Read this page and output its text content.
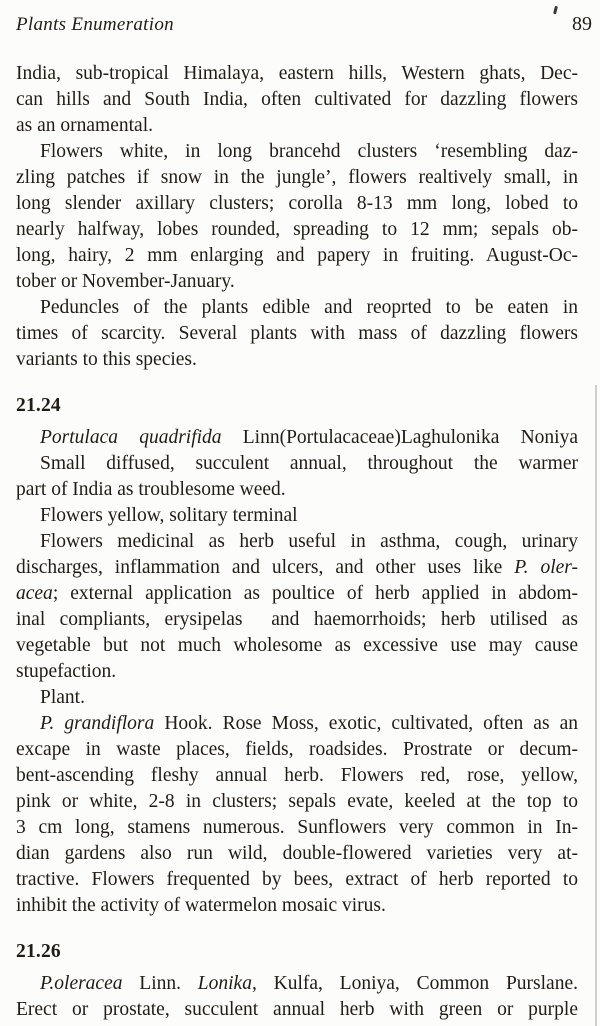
Plants Enumeration	89
India, sub-tropical Himalaya, eastern hills, Western ghats, Dec-
can hills and South India, often cultivated for dazzling flowers
as an ornamental.
Flowers white, in long brancehd clusters ‘resembling daz-
zling patches if snow in the jungle’, flowers realtively small, in
long slender axillary clusters; corolla 8-13 mm long, lobed to
nearly halfway, lobes rounded, spreading to 12 mm; sepals ob-
long, hairy, 2 mm enlarging and papery in fruiting. August-Oc-
tober or November-January.
Peduncles of the plants edible and reoprted to be eaten in
times of scarcity. Several plants with mass of dazzling flowers
variants to this species.
21.24
Portulaca quadrifida Linn(Portulacaceae)Laghulonika Noniya
Small diffused, succulent annual, throughout the warmer
part of India as troublesome weed.
Flowers yellow, solitary terminal
Flowers medicinal as herb useful in asthma, cough, urinary
discharges, inflammation and ulcers, and other uses like P. oler-
acea; external application as poultice of herb applied in abdom-
inal compliants, erysipelas  and haemorrhoids; herb utilised as
vegetable but not much wholesome as excessive use may cause
stupefaction.
Plant.
P. grandiflora Hook. Rose Moss, exotic, cultivated, often as an
excape in waste places, fields, roadsides. Prostrate or decum-
bent-ascending fleshy annual herb. Flowers red, rose, yellow,
pink or white, 2-8 in clusters; sepals evate, keeled at the top to
3 cm long, stamens numerous. Sunflowers very common in In-
dian gardens also run wild, double-flowered varieties very at-
tractive. Flowers frequented by bees, extract of herb reported to
inhibit the activity of watermelon mosaic virus.
21.26
P.oleracea Linn. Lonika, Kulfa, Loniya, Common Purslane.
Erect or prostate, succulent annual herb with green or purple
